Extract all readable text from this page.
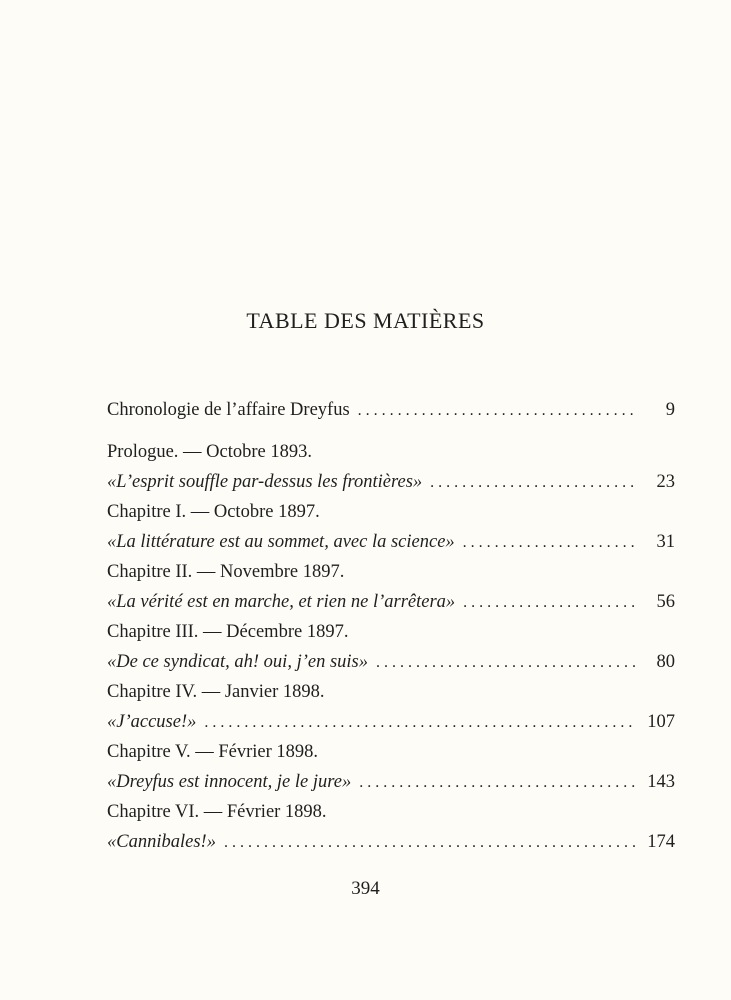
TABLE DES MATIÈRES
Chronologie de l’affaire Dreyfus . . .	9
Prologue. — Octobre 1893.
«L’esprit souffle par-dessus les frontières» . . .	23
Chapitre I. — Octobre 1897.
«La littérature est au sommet, avec la science» . . .	31
Chapitre II. — Novembre 1897.
«La vérité est en marche, et rien ne l’arrêtera» . . .	56
Chapitre III. — Décembre 1897.
«De ce syndicat, ah! oui, j’en suis» . . .	80
Chapitre IV. — Janvier 1898.
«J’accuse!» . . .	107
Chapitre V. — Février 1898.
«Dreyfus est innocent, je le jure» . . .	143
Chapitre VI. — Février 1898.
«Cannibales!» . . .	174
394
